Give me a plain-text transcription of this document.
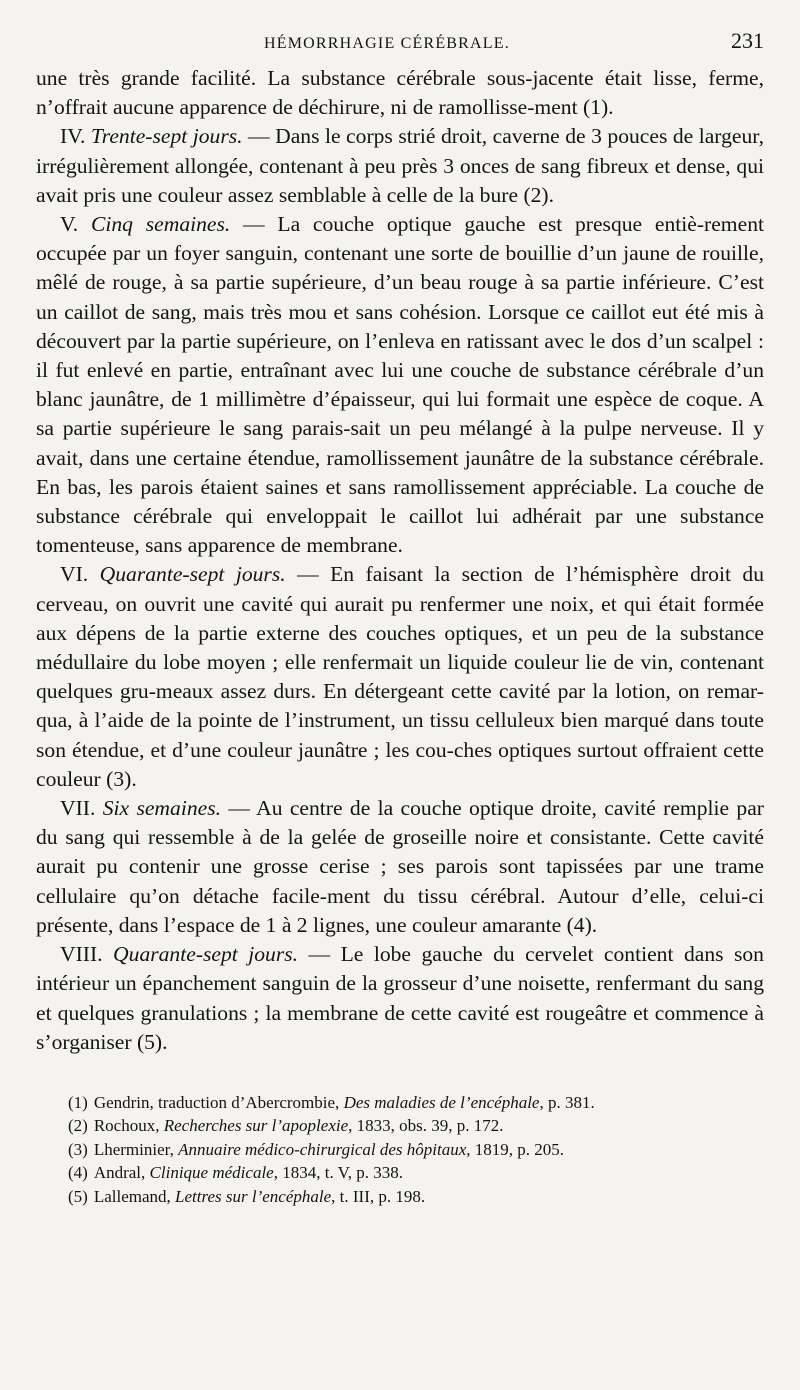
HÉMORRHAGIE CÉRÉBRALE.	231

une très grande facilité. La substance cérébrale sous-jacente était lisse, ferme, n’offrait aucune apparence de déchirure, ni de ramollisse-ment (1).

IV. Trente-sept jours. — Dans le corps strié droit, caverne de 3 pouces de largeur, irrégulièrement allongée, contenant à peu près 3 onces de sang fibreux et dense, qui avait pris une couleur assez semblable à celle de la bure (2).

V. Cinq semaines. — La couche optique gauche est presque entiè-rement occupée par un foyer sanguin, contenant une sorte de bouillie d’un jaune de rouille, mêlé de rouge, à sa partie supérieure, d’un beau rouge à sa partie inférieure. C’est un caillot de sang, mais très mou et sans cohésion. Lorsque ce caillot eut été mis à découvert par la partie supérieure, on l’enleva en ratissant avec le dos d’un scalpel : il fut enlevé en partie, entraînant avec lui une couche de substance cérébrale d’un blanc jaunâtre, de 1 millimètre d’épaisseur, qui lui formait une espèce de coque. A sa partie supérieure le sang parais-sait un peu mélangé à la pulpe nerveuse. Il y avait, dans une certaine étendue, ramollissement jaunâtre de la substance cérébrale. En bas, les parois étaient saines et sans ramollissement appréciable. La couche de substance cérébrale qui enveloppait le caillot lui adhérait par une substance tomenteuse, sans apparence de membrane.

VI. Quarante-sept jours. — En faisant la section de l’hémisphère droit du cerveau, on ouvrit une cavité qui aurait pu renfermer une noix, et qui était formée aux dépens de la partie externe des couches optiques, et un peu de la substance médullaire du lobe moyen ; elle renfermait un liquide couleur lie de vin, contenant quelques gru-meaux assez durs. En détergeant cette cavité par la lotion, on remar-qua, à l’aide de la pointe de l’instrument, un tissu celluleux bien marqué dans toute son étendue, et d’une couleur jaunâtre ; les cou-ches optiques surtout offraient cette couleur (3).

VII. Six semaines. — Au centre de la couche optique droite, cavité remplie par du sang qui ressemble à de la gelée de groseille noire et consistante. Cette cavité aurait pu contenir une grosse cerise ; ses parois sont tapissées par une trame cellulaire qu’on détache facile-ment du tissu cérébral. Autour d’elle, celui-ci présente, dans l’espace de 1 à 2 lignes, une couleur amarante (4).

VIII. Quarante-sept jours. — Le lobe gauche du cervelet contient dans son intérieur un épanchement sanguin de la grosseur d’une noisette, renfermant du sang et quelques granulations ; la membrane de cette cavité est rougeâtre et commence à s’organiser (5).

(1) Gendrin, traduction d’Abercrombie, Des maladies de l’encéphale, p. 381.
(2) Rochoux, Recherches sur l’apoplexie, 1833, obs. 39, p. 172.
(3) Lherminier, Annuaire médico-chirurgical des hôpitaux, 1819, p. 205.
(4) Andral, Clinique médicale, 1834, t. V, p. 338.
(5) Lallemand, Lettres sur l’encéphale, t. III, p. 198.
